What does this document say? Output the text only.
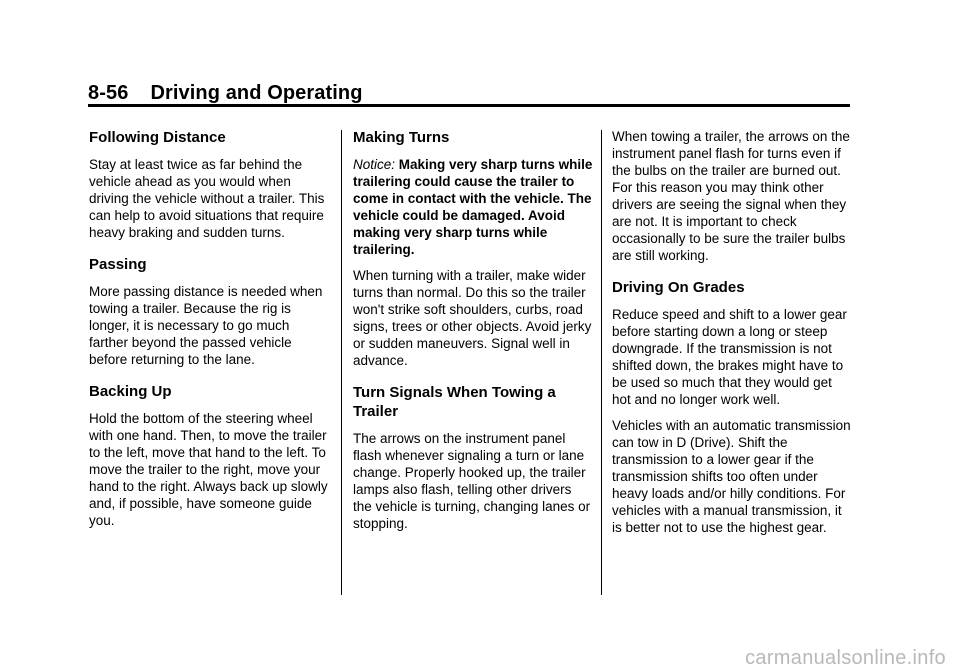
8-56 Driving and Operating
Following Distance

Stay at least twice as far behind the vehicle ahead as you would when driving the vehicle without a trailer. This can help to avoid situations that require heavy braking and sudden turns.

Passing

More passing distance is needed when towing a trailer. Because the rig is longer, it is necessary to go much farther beyond the passed vehicle before returning to the lane.

Backing Up

Hold the bottom of the steering wheel with one hand. Then, to move the trailer to the left, move that hand to the left. To move the trailer to the right, move your hand to the right. Always back up slowly and, if possible, have someone guide you.

Making Turns

Notice: Making very sharp turns while trailering could cause the trailer to come in contact with the vehicle. The vehicle could be damaged. Avoid making very sharp turns while trailering.

When turning with a trailer, make wider turns than normal. Do this so the trailer won't strike soft shoulders, curbs, road signs, trees or other objects. Avoid jerky or sudden maneuvers. Signal well in advance.

Turn Signals When Towing a Trailer

The arrows on the instrument panel flash whenever signaling a turn or lane change. Properly hooked up, the trailer lamps also flash, telling other drivers the vehicle is turning, changing lanes or stopping.

When towing a trailer, the arrows on the instrument panel flash for turns even if the bulbs on the trailer are burned out. For this reason you may think other drivers are seeing the signal when they are not. It is important to check occasionally to be sure the trailer bulbs are still working.

Driving On Grades

Reduce speed and shift to a lower gear before starting down a long or steep downgrade. If the transmission is not shifted down, the brakes might have to be used so much that they would get hot and no longer work well.

Vehicles with an automatic transmission can tow in D (Drive). Shift the transmission to a lower gear if the transmission shifts too often under heavy loads and/or hilly conditions. For vehicles with a manual transmission, it is better not to use the highest gear.

carmanualsonline.info
